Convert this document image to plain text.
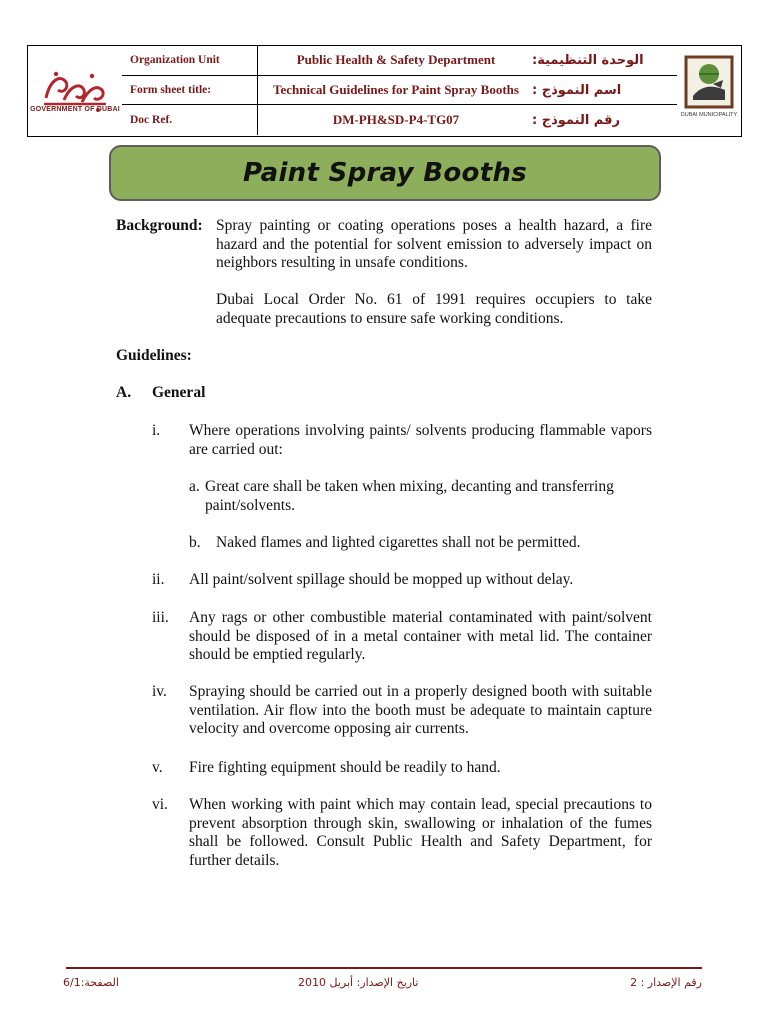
GOVERNMENT OF DUBAI
Organization Unit	Public Health & Safety Department	الوحدة التنظيمية:
Form sheet title:	Technical Guidelines for Paint Spray Booths	اسم النموذج :
Doc Ref.	DM-PH&SD-P4-TG07	رقم النموذج :	DUBAI MUNICIPALITY
Paint Spray Booths
Background: Spray painting or coating operations poses a health hazard, a fire hazard and the potential for solvent emission to adversely impact on neighbors resulting in unsafe conditions.
Dubai Local Order No. 61 of 1991 requires occupiers to take adequate precautions to ensure safe working conditions.
Guidelines:
A. General
i. Where operations involving paints/ solvents producing flammable vapors are carried out:
a. Great care shall be taken when mixing, decanting and transferring paint/solvents.
b. Naked flames and lighted cigarettes shall not be permitted.
ii. All paint/solvent spillage should be mopped up without delay.
iii. Any rags or other combustible material contaminated with paint/solvent should be disposed of in a metal container with metal lid. The container should be emptied regularly.
iv. Spraying should be carried out in a properly designed booth with suitable ventilation. Air flow into the booth must be adequate to maintain capture velocity and overcome opposing air currents.
v. Fire fighting equipment should be readily to hand.
vi. When working with paint which may contain lead, special precautions to prevent absorption through skin, swallowing or inhalation of the fumes shall be followed. Consult Public Health and Safety Department, for further details.
رقم الإصدار : 2
تاريخ الإصدار: أبريل 2010
الصفحة:6/1
